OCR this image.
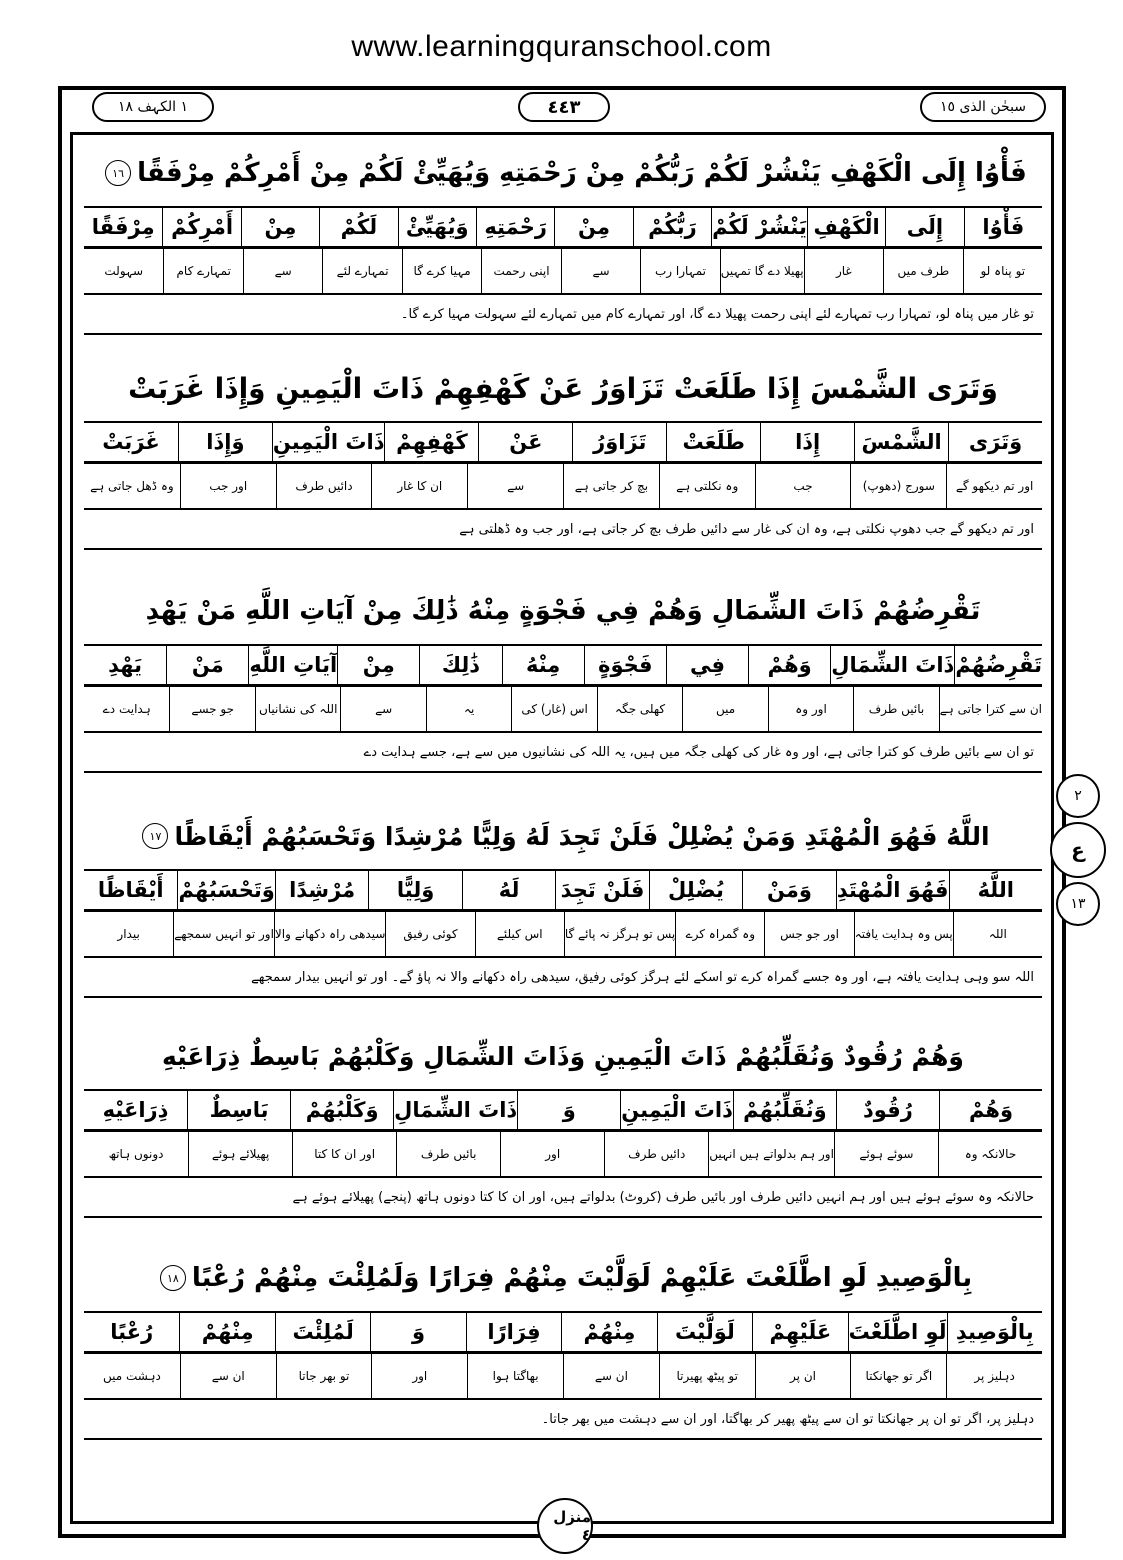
www.learningquranschool.com
١ الکہف ١٨	٤٤٣	سبحٰن الذی ١٥
فَأْوُا إِلَى الْكَهْفِ يَنْشُرْ لَكُمْ رَبُّكُمْ مِنْ رَحْمَتِهِ وَيُهَيِّئْ لَكُمْ مِنْ أَمْرِكُمْ مِرْفَقًا
١٦
فَأْوُا
إِلَى
الْكَهْفِ
يَنْشُرْ لَكُمْ
رَبُّكُمْ
مِنْ
رَحْمَتِهِ
وَيُهَيِّئْ
لَكُمْ
مِنْ
أَمْرِكُمْ
مِرْفَقًا
تو پناہ لو
طرف میں
غار
پھیلا دے گا تمہیں
تمہارا رب
سے
اپنی رحمت
مہیا کرے گا
تمہارے لئے
سے
تمہارے کام
سہولت
تو غار میں پناہ لو، تمہارا رب تمہارے لئے اپنی رحمت پھیلا دے گا، اور تمہارے کام میں تمہارے لئے سہولت مہیا کرے گا۔
وَتَرَى الشَّمْسَ إِذَا طَلَعَتْ تَزَاوَرُ عَنْ كَهْفِهِمْ ذَاتَ الْيَمِينِ وَإِذَا غَرَبَتْ
وَتَرَى
الشَّمْسَ
إِذَا
طَلَعَتْ
تَزَاوَرُ
عَنْ
كَهْفِهِمْ
ذَاتَ الْيَمِينِ
وَإِذَا
غَرَبَتْ
اور تم دیکھو گے
سورج (دھوپ)
جب
وہ نکلتی ہے
بچ کر جاتی ہے
سے
ان کا غار
دائیں طرف
اور جب
وہ ڈھل جاتی ہے
اور تم دیکھو گے جب دھوپ نکلتی ہے، وہ ان کی غار سے دائیں طرف بچ کر جاتی ہے، اور جب وہ ڈھلتی ہے
تَقْرِضُهُمْ ذَاتَ الشِّمَالِ وَهُمْ فِي فَجْوَةٍ مِنْهُ ذَٰلِكَ مِنْ آيَاتِ اللَّهِ مَنْ يَهْدِ
تَقْرِضُهُمْ
ذَاتَ الشِّمَالِ
وَهُمْ
فِي
فَجْوَةٍ
مِنْهُ
ذَٰلِكَ
مِنْ
آيَاتِ اللَّهِ
مَنْ
يَهْدِ
ان سے کترا جاتی ہے
بائیں طرف
اور وہ
میں
کھلی جگہ
اس (غار) کی
یہ
سے
اللہ کی نشانیاں
جو جسے
ہدایت دے
تو ان سے بائیں طرف کو کترا جاتی ہے، اور وہ غار کی کھلی جگہ میں ہیں، یہ اللہ کی نشانیوں میں سے ہے، جسے ہدایت دے
اللَّهُ فَهُوَ الْمُهْتَدِ وَمَنْ يُضْلِلْ فَلَنْ تَجِدَ لَهُ وَلِيًّا مُرْشِدًا وَتَحْسَبُهُمْ أَيْقَاظًا
١٧
اللَّهُ
فَهُوَ الْمُهْتَدِ
وَمَنْ
يُضْلِلْ
فَلَنْ تَجِدَ
لَهُ
وَلِيًّا
مُرْشِدًا
وَتَحْسَبُهُمْ
أَيْقَاظًا
اللہ
پس وہ ہدایت یافتہ
اور جو جس
وہ گمراہ کرے
پس تو ہرگز نہ پائے گا
اس کیلئے
کوئی رفیق
سیدھی راہ دکھانے والا
اور تو انہیں سمجھے
بیدار
اللہ سو وہی ہدایت یافتہ ہے، اور وہ جسے گمراہ کرے تو اسکے لئے ہرگز کوئی رفیق، سیدھی راہ دکھانے والا نہ پاؤ گے۔ اور تو انہیں بیدار سمجھے
وَهُمْ رُقُودٌ وَنُقَلِّبُهُمْ ذَاتَ الْيَمِينِ وَذَاتَ الشِّمَالِ وَكَلْبُهُمْ بَاسِطٌ ذِرَاعَيْهِ
وَهُمْ
رُقُودٌ
وَنُقَلِّبُهُمْ
ذَاتَ الْيَمِينِ
وَ
ذَاتَ الشِّمَالِ
وَكَلْبُهُمْ
بَاسِطٌ
ذِرَاعَيْهِ
حالانکہ وہ
سوئے ہوئے
اور ہم بدلواتے ہیں انہیں
دائیں طرف
اور
بائیں طرف
اور ان کا کتا
پھیلائے ہوئے
دونوں ہاتھ
حالانکہ وہ سوئے ہوئے ہیں اور ہم انہیں دائیں طرف اور بائیں طرف (کروٹ) بدلواتے ہیں، اور ان کا کتا دونوں ہاتھ (پنجے) پھیلائے ہوئے ہے
بِالْوَصِيدِ لَوِ اطَّلَعْتَ عَلَيْهِمْ لَوَلَّيْتَ مِنْهُمْ فِرَارًا وَلَمُلِئْتَ مِنْهُمْ رُعْبًا
١٨
بِالْوَصِيدِ
لَوِ اطَّلَعْتَ
عَلَيْهِمْ
لَوَلَّيْتَ
مِنْهُمْ
فِرَارًا
وَ
لَمُلِئْتَ
مِنْهُمْ
رُعْبًا
دہلیز پر
اگر تو جھانکتا
ان پر
تو پیٹھ پھیرتا
ان سے
بھاگتا ہوا
اور
تو بھر جاتا
ان سے
دہشت میں
دہلیز پر، اگر تو ان پر جھانکتا تو ان سے پیٹھ پھیر کر بھاگتا، اور ان سے دہشت میں بھر جاتا۔
٢
ع
١٣
منزل ٤
